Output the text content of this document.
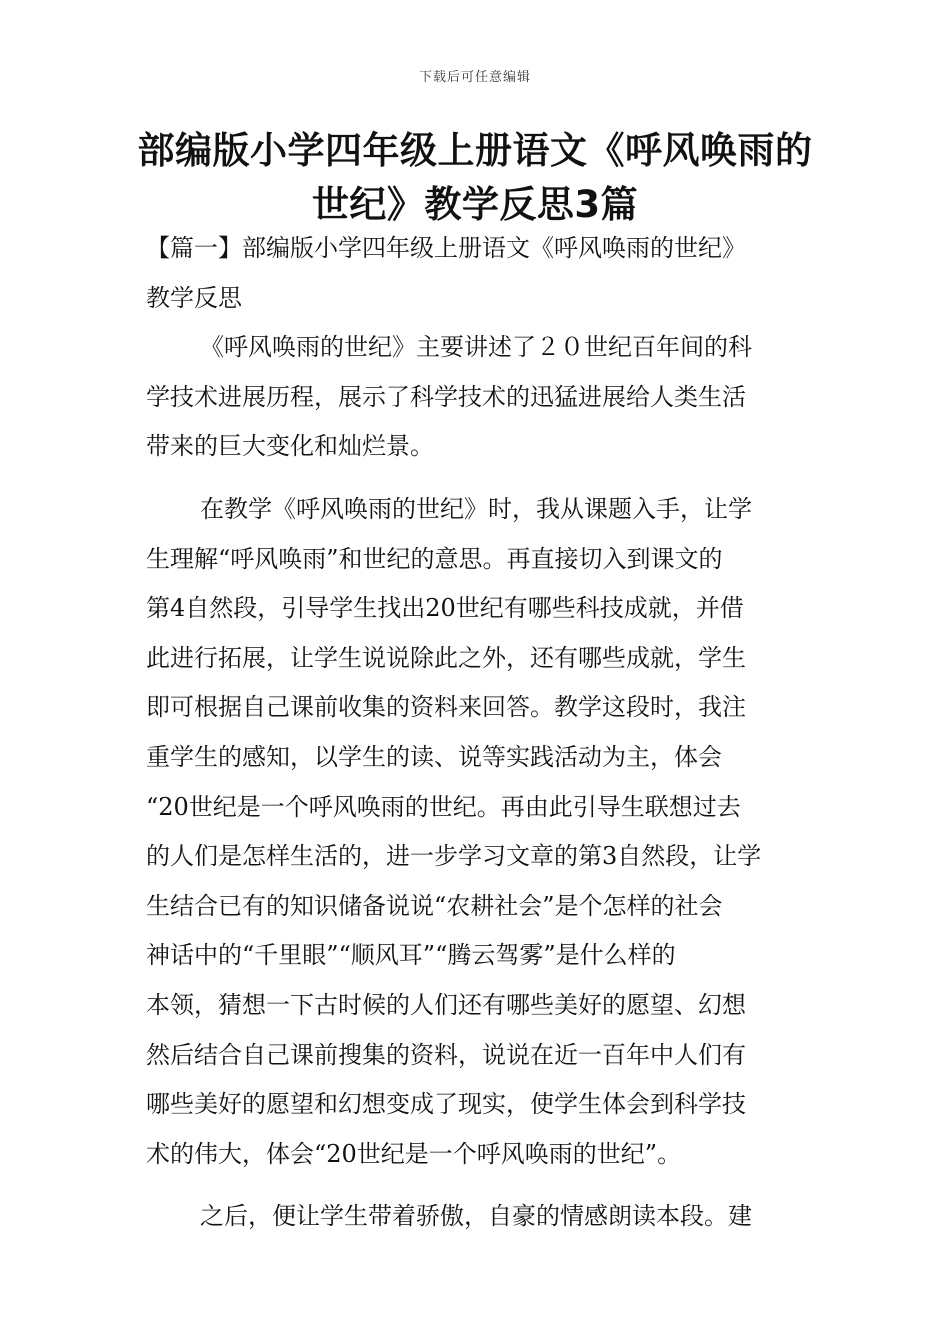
下载后可任意编辑
部编版小学四年级上册语文《呼风唤雨的
世纪》教学反思3篇
【篇一】部编版小学四年级上册语文《呼风唤雨的世纪》
教学反思
《呼风唤雨的世纪》主要讲述了２０世纪百年间的科
学技术进展历程，展示了科学技术的迅猛进展给人类生活
带来的巨大变化和灿烂景。
在教学《呼风唤雨的世纪》时，我从课题入手，让学
生理解“呼风唤雨”和世纪的意思。再直接切入到课文的
第4自然段，引导学生找出20世纪有哪些科技成就，并借
此进行拓展，让学生说说除此之外，还有哪些成就，学生
即可根据自己课前收集的资料来回答。教学这段时，我注
重学生的感知，以学生的读、说等实践活动为主，体会
“20世纪是一个呼风唤雨的世纪。再由此引导生联想过去
的人们是怎样生活的，进一步学习文章的第3自然段，让学
生结合已有的知识储备说说“农耕社会”是个怎样的社会
神话中的“千里眼”“顺风耳”“腾云驾雾”是什么样的
本领，猜想一下古时候的人们还有哪些美好的愿望、幻想
然后结合自己课前搜集的资料，说说在近一百年中人们有
哪些美好的愿望和幻想变成了现实，使学生体会到科学技
术的伟大，体会“20世纪是一个呼风唤雨的世纪”。
之后，便让学生带着骄傲，自豪的情感朗读本段。建
